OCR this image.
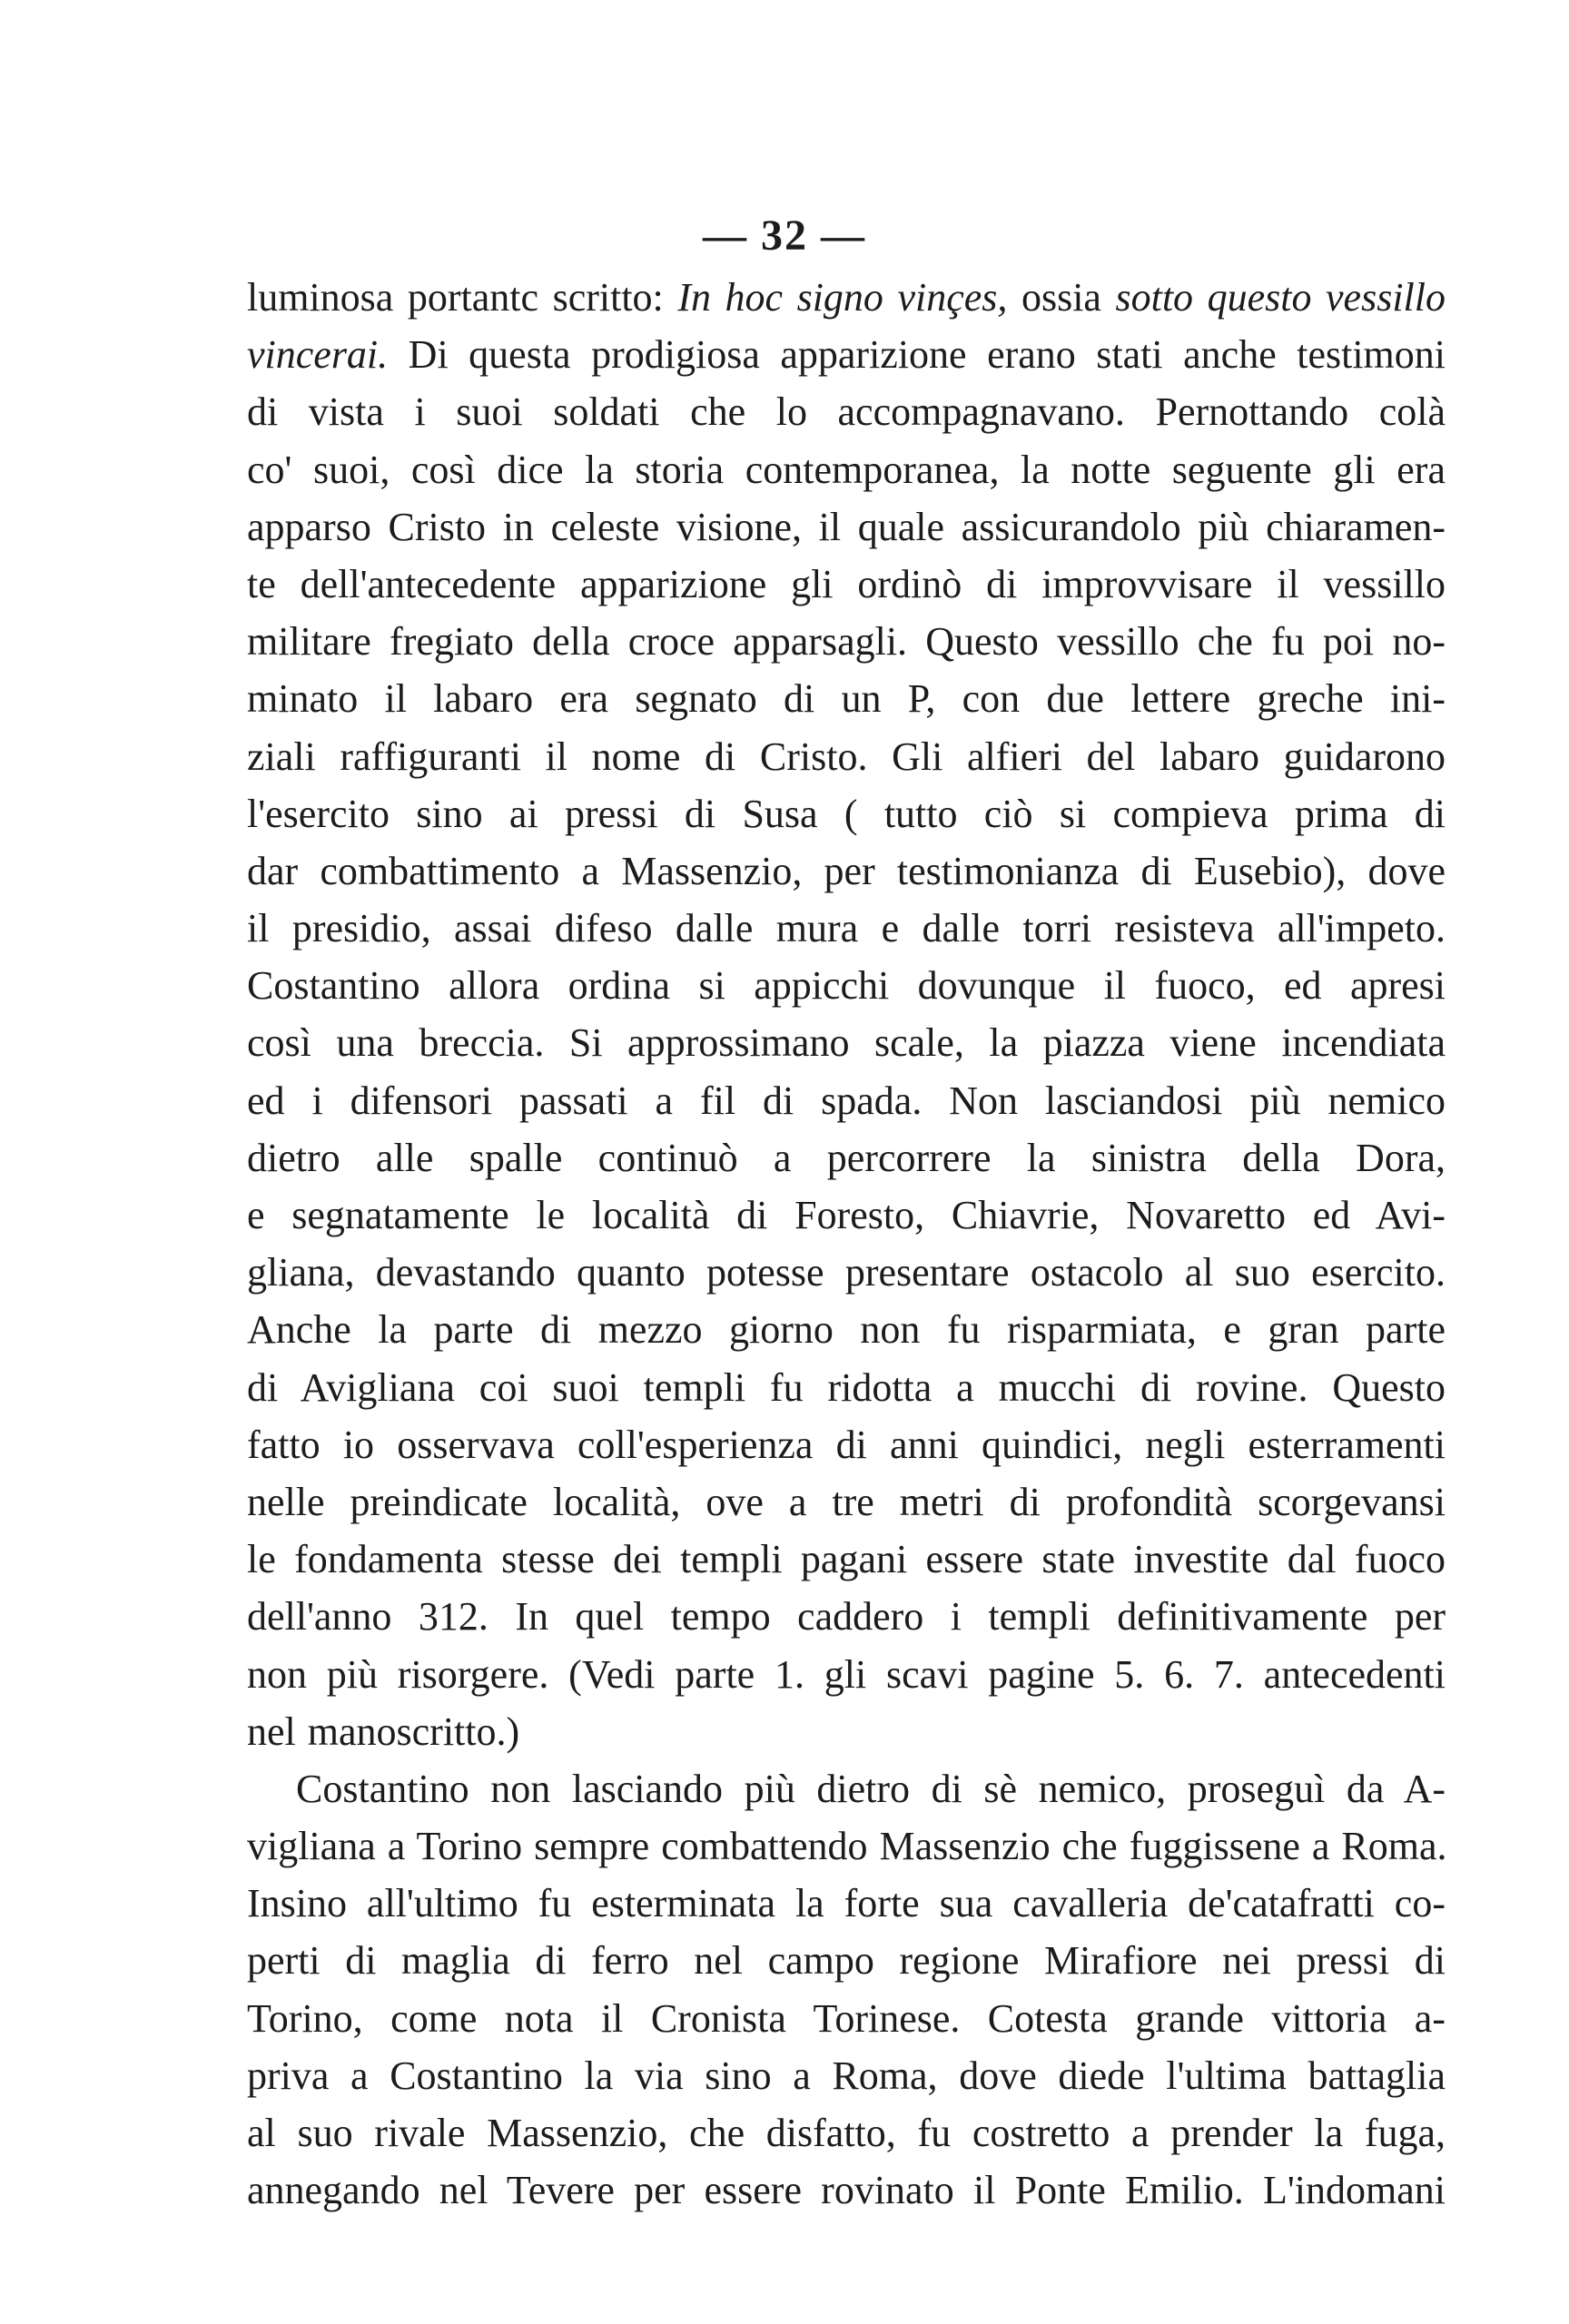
— 32 —
luminosa portantc scritto: In hoc signo vinçes, ossia sotto questo vessillo
vincerai. Di questa prodigiosa apparizione erano stati anche testimoni
di vista i suoi soldati che lo accompagnavano. Pernottando colà
co' suoi, così dice la storia contemporanea, la notte seguente gli era
apparso Cristo in celeste visione, il quale assicurandolo più chiaramen-
te dell'antecedente apparizione gli ordinò di improvvisare il vessillo
militare fregiato della croce apparsagli. Questo vessillo che fu poi no-
minato il labaro era segnato di un P, con due lettere greche ini-
ziali raffiguranti il nome di Cristo. Gli alfieri del labaro guidarono
l'esercito sino ai pressi di Susa ( tutto ciò si compieva prima di
dar combattimento a Massenzio, per testimonianza di Eusebio), dove
il presidio, assai difeso dalle mura e dalle torri resisteva all'impeto.
Costantino allora ordina si appicchi dovunque il fuoco, ed apresi
così una breccia. Si approssimano scale, la piazza viene incendiata
ed i difensori passati a fil di spada. Non lasciandosi più nemico
dietro alle spalle continuò a percorrere la sinistra della Dora,
e segnatamente le località di Foresto, Chiavrie, Novaretto ed Avi-
gliana, devastando quanto potesse presentare ostacolo al suo esercito.
Anche la parte di mezzo giorno non fu risparmiata, e gran parte
di Avigliana coi suoi templi fu ridotta a mucchi di rovine. Questo
fatto io osservava coll'esperienza di anni quindici, negli esterramenti
nelle preindicate località, ove a tre metri di profondità scorgevansi
le fondamenta stesse dei templi pagani essere state investite dal fuoco
dell'anno 312. In quel tempo caddero i templi definitivamente per
non più risorgere. (Vedi parte 1. gli scavi pagine 5. 6. 7. antecedenti
nel manoscritto.)
Costantino non lasciando più dietro di sè nemico, proseguì da A-
vigliana a Torino sempre combattendo Massenzio che fuggissene a Roma.
Insino all'ultimo fu esterminata la forte sua cavalleria de'catafratti co-
perti di maglia di ferro nel campo regione Mirafiore nei pressi di
Torino, come nota il Cronista Torinese. Cotesta grande vittoria a-
priva a Costantino la via sino a Roma, dove diede l'ultima battaglia
al suo rivale Massenzio, che disfatto, fu costretto a prender la fuga,
annegando nel Tevere per essere rovinato il Ponte Emilio. L'indomani
